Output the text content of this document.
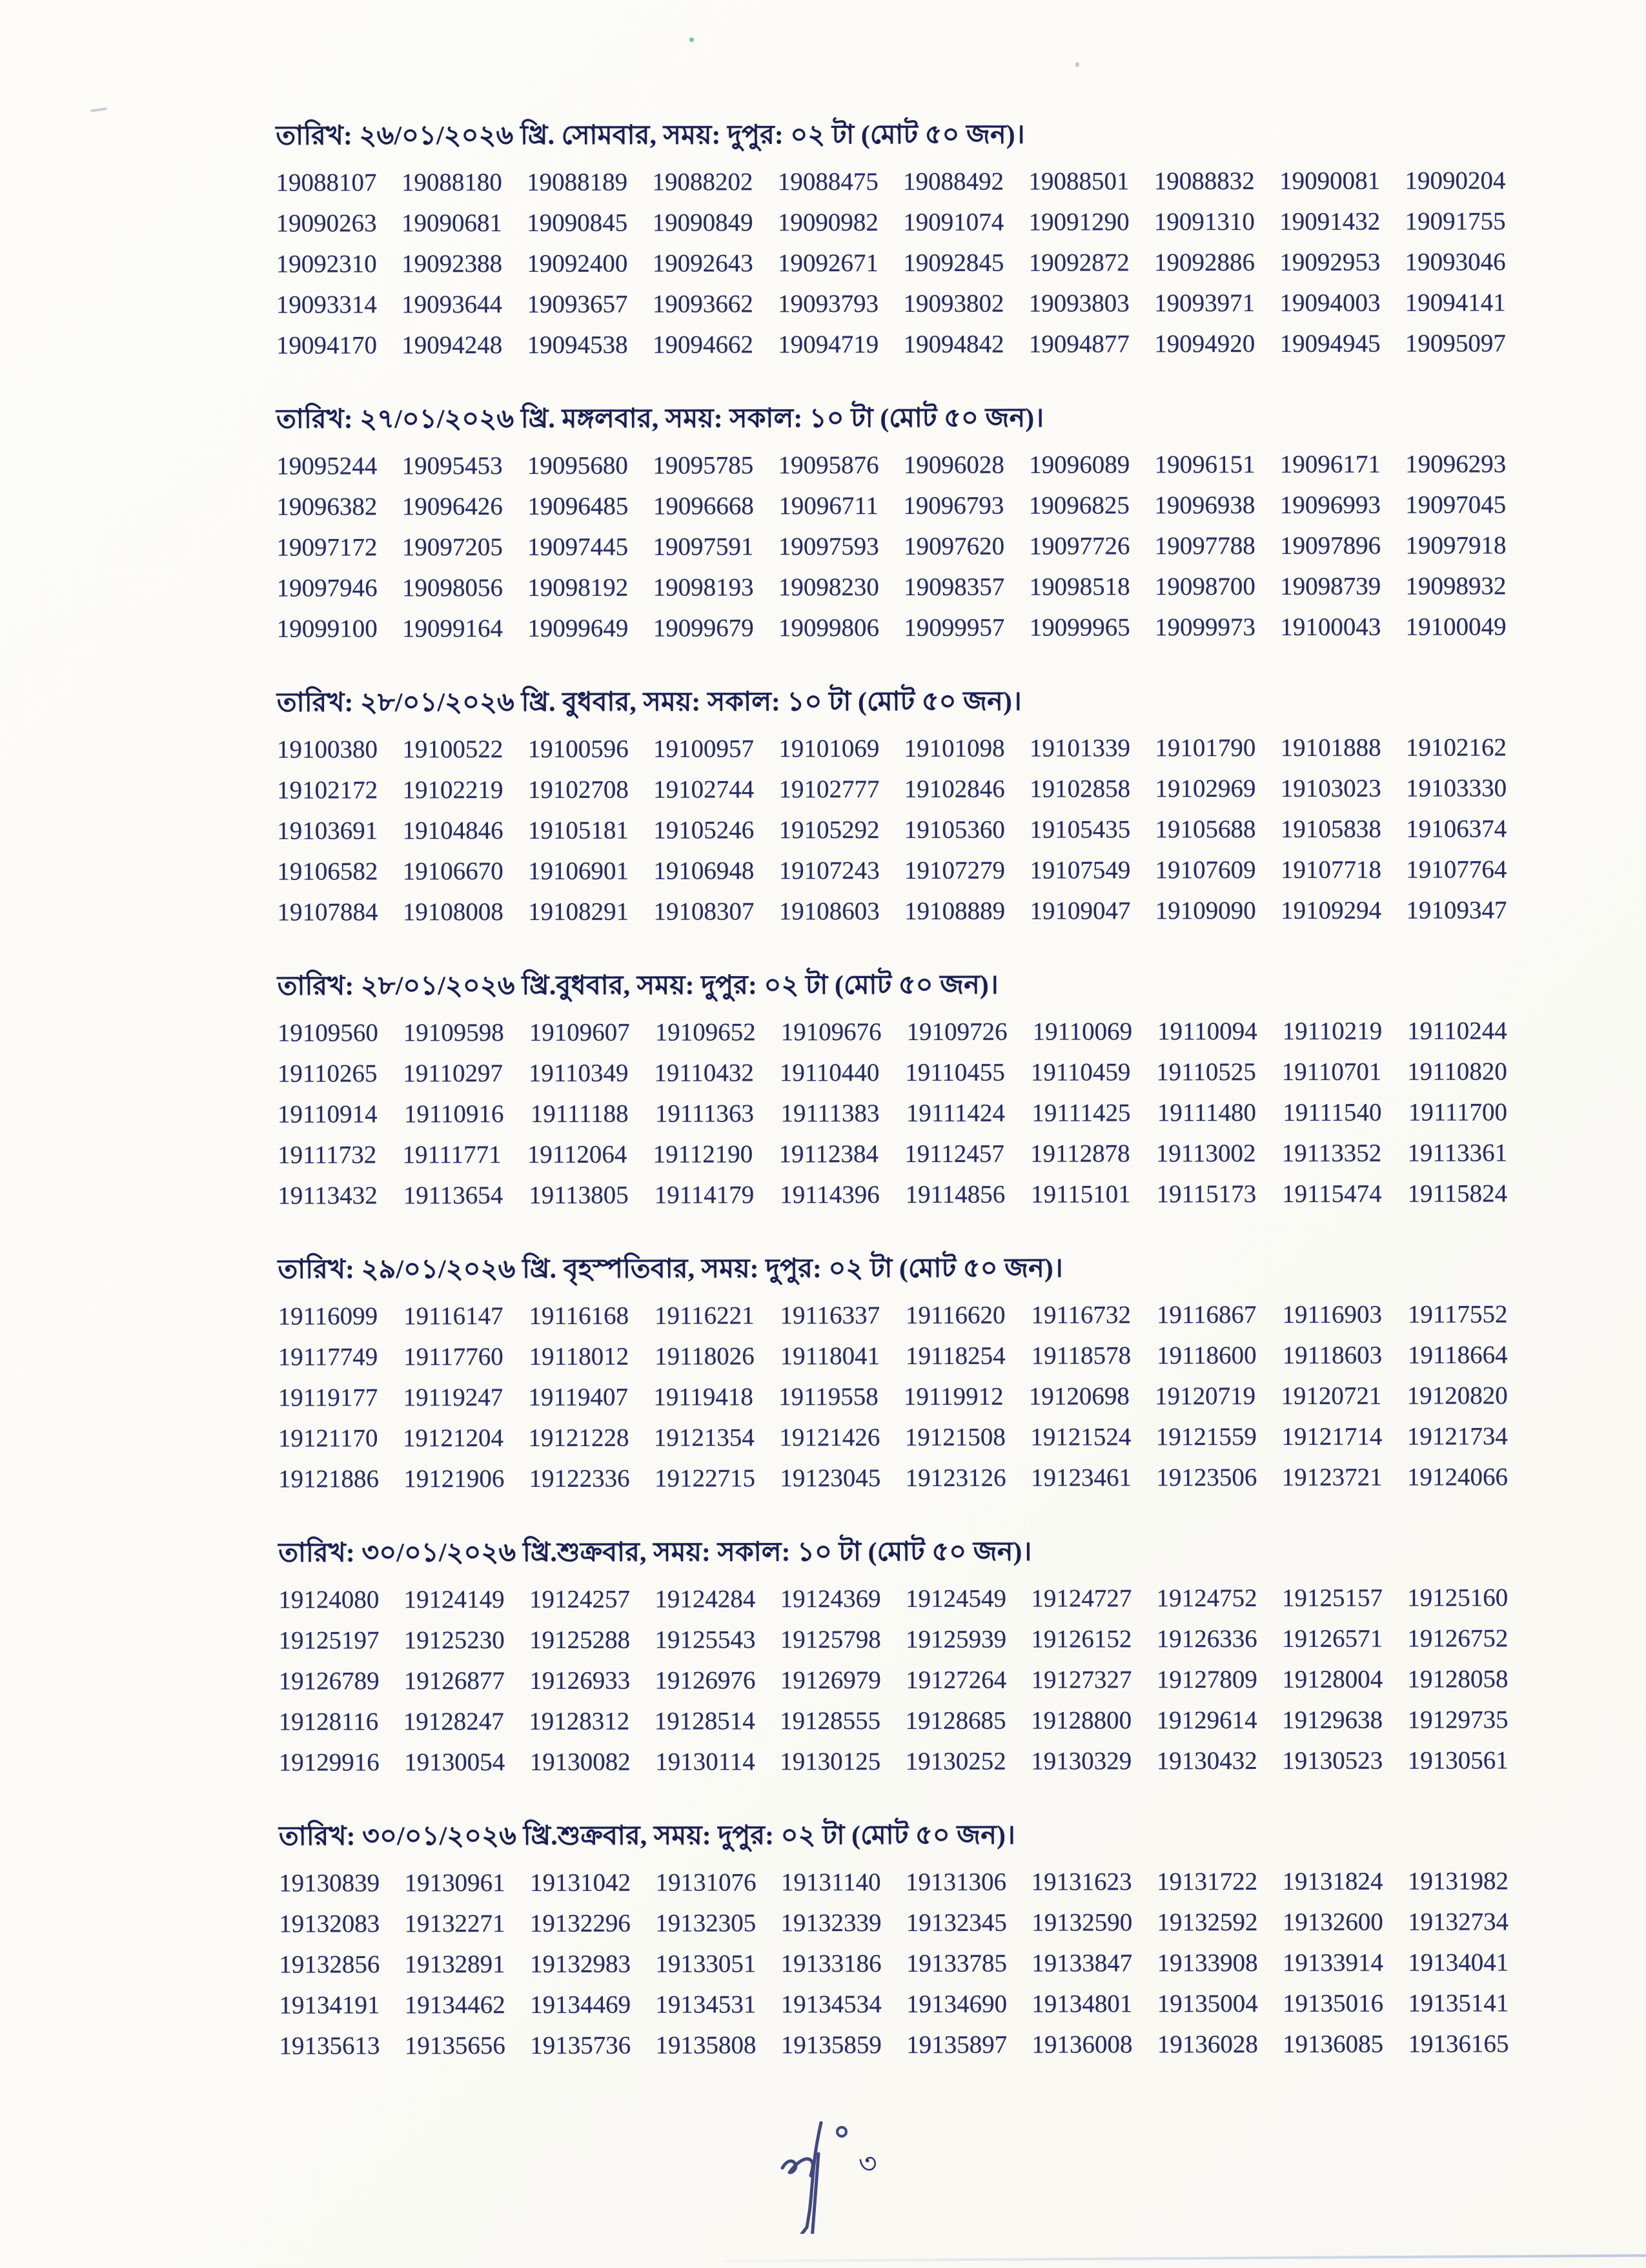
তারিখ: ২৬/০১/২০২৬ খ্রি. সোমবার, সময়: দুপুর: ০২ টা (মোট ৫০ জন)।
19088107 19088180 19088189 19088202 19088475 19088492 19088501 19088832 19090081 19090204
19090263 19090681 19090845 19090849 19090982 19091074 19091290 19091310 19091432 19091755
19092310 19092388 19092400 19092643 19092671 19092845 19092872 19092886 19092953 19093046
19093314 19093644 19093657 19093662 19093793 19093802 19093803 19093971 19094003 19094141
19094170 19094248 19094538 19094662 19094719 19094842 19094877 19094920 19094945 19095097
তারিখ: ২৭/০১/২০২৬ খ্রি. মঙ্গলবার, সময়: সকাল: ১০ টা (মোট ৫০ জন)।
19095244 19095453 19095680 19095785 19095876 19096028 19096089 19096151 19096171 19096293
19096382 19096426 19096485 19096668 19096711 19096793 19096825 19096938 19096993 19097045
19097172 19097205 19097445 19097591 19097593 19097620 19097726 19097788 19097896 19097918
19097946 19098056 19098192 19098193 19098230 19098357 19098518 19098700 19098739 19098932
19099100 19099164 19099649 19099679 19099806 19099957 19099965 19099973 19100043 19100049
তারিখ: ২৮/০১/২০২৬ খ্রি. বুধবার, সময়: সকাল: ১০ টা (মোট ৫০ জন)।
19100380 19100522 19100596 19100957 19101069 19101098 19101339 19101790 19101888 19102162
19102172 19102219 19102708 19102744 19102777 19102846 19102858 19102969 19103023 19103330
19103691 19104846 19105181 19105246 19105292 19105360 19105435 19105688 19105838 19106374
19106582 19106670 19106901 19106948 19107243 19107279 19107549 19107609 19107718 19107764
19107884 19108008 19108291 19108307 19108603 19108889 19109047 19109090 19109294 19109347
তারিখ: ২৮/০১/২০২৬ খ্রি.বুধবার, সময়: দুপুর: ০২ টা (মোট ৫০ জন)।
19109560 19109598 19109607 19109652 19109676 19109726 19110069 19110094 19110219 19110244
19110265 19110297 19110349 19110432 19110440 19110455 19110459 19110525 19110701 19110820
19110914 19110916 19111188 19111363 19111383 19111424 19111425 19111480 19111540 19111700
19111732 19111771 19112064 19112190 19112384 19112457 19112878 19113002 19113352 19113361
19113432 19113654 19113805 19114179 19114396 19114856 19115101 19115173 19115474 19115824
তারিখ: ২৯/০১/২০২৬ খ্রি. বৃহস্পতিবার, সময়: দুপুর: ০২ টা (মোট ৫০ জন)।
19116099 19116147 19116168 19116221 19116337 19116620 19116732 19116867 19116903 19117552
19117749 19117760 19118012 19118026 19118041 19118254 19118578 19118600 19118603 19118664
19119177 19119247 19119407 19119418 19119558 19119912 19120698 19120719 19120721 19120820
19121170 19121204 19121228 19121354 19121426 19121508 19121524 19121559 19121714 19121734
19121886 19121906 19122336 19122715 19123045 19123126 19123461 19123506 19123721 19124066
তারিখ: ৩০/০১/২০২৬ খ্রি.শুক্রবার, সময়: সকাল: ১০ টা (মোট ৫০ জন)।
19124080 19124149 19124257 19124284 19124369 19124549 19124727 19124752 19125157 19125160
19125197 19125230 19125288 19125543 19125798 19125939 19126152 19126336 19126571 19126752
19126789 19126877 19126933 19126976 19126979 19127264 19127327 19127809 19128004 19128058
19128116 19128247 19128312 19128514 19128555 19128685 19128800 19129614 19129638 19129735
19129916 19130054 19130082 19130114 19130125 19130252 19130329 19130432 19130523 19130561
তারিখ: ৩০/০১/২০২৬ খ্রি.শুক্রবার, সময়: দুপুর: ০২ টা (মোট ৫০ জন)।
19130839 19130961 19131042 19131076 19131140 19131306 19131623 19131722 19131824 19131982
19132083 19132271 19132296 19132305 19132339 19132345 19132590 19132592 19132600 19132734
19132856 19132891 19132983 19133051 19133186 19133785 19133847 19133908 19133914 19134041
19134191 19134462 19134469 19134531 19134534 19134690 19134801 19135004 19135016 19135141
19135613 19135656 19135736 19135808 19135859 19135897 19136008 19136028 19136085 19136165
৩
